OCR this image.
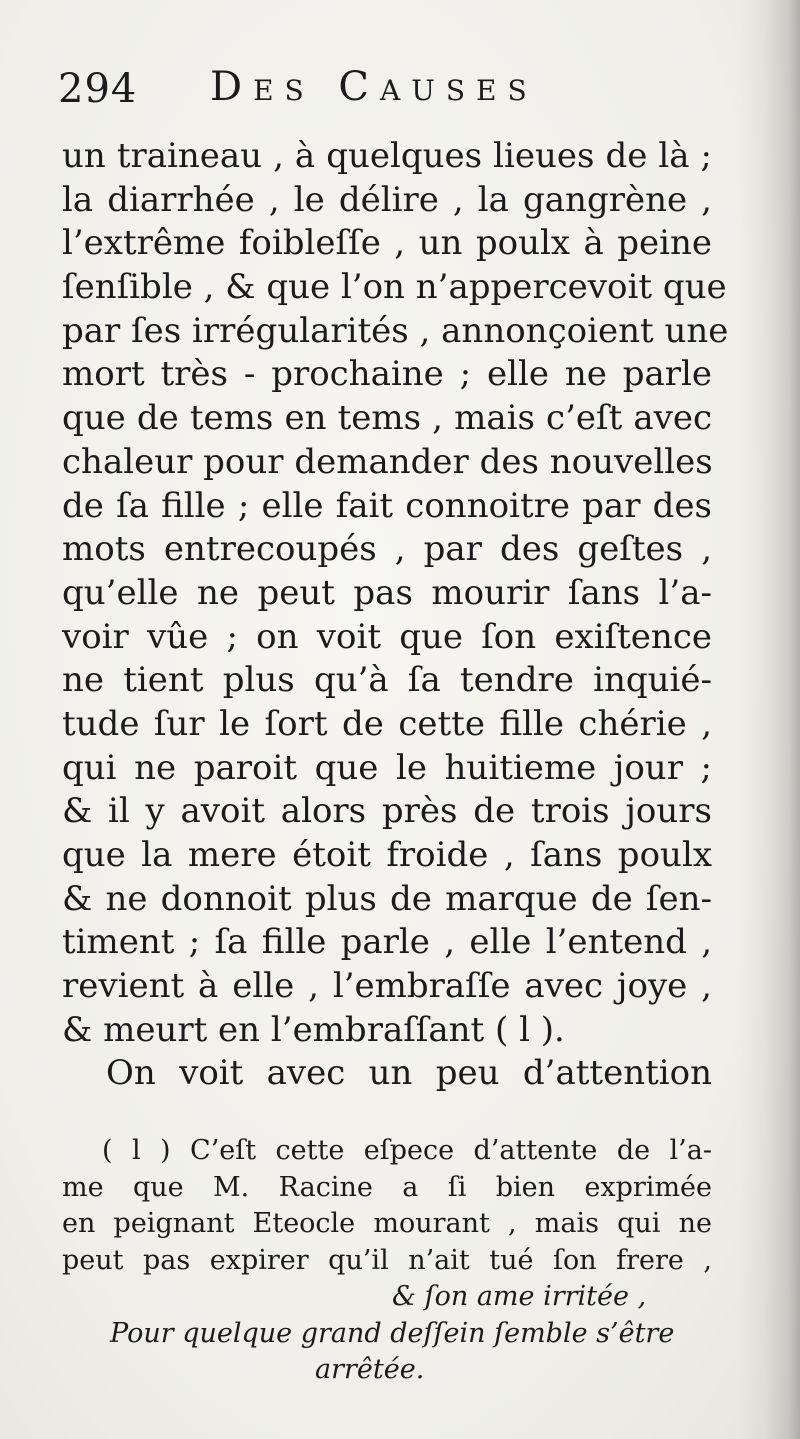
294 Des Causes
un traineau , à quelques lieues de là ;
la diarrhée , le délire , la gangrène ,
l’extrême foibleſſe , un poulx à peine
ſenſible , & que l’on n’appercevoit que
par ſes irrégularités , annonçoient une
mort très - prochaine ; elle ne parle
que de tems en tems , mais c’eſt avec
chaleur pour demander des nouvelles
de ſa fille ; elle fait connoitre par des
mots entrecoupés , par des geſtes ,
qu’elle ne peut pas mourir ſans l’a-
voir vûe ; on voit que ſon exiſtence
ne tient plus qu’à ſa tendre inquié-
tude ſur le ſort de cette fille chérie ,
qui ne paroit que le huitieme jour ;
& il y avoit alors près de trois jours
que la mere étoit froide , ſans poulx
& ne donnoit plus de marque de ſen-
timent ; ſa fille parle , elle l’entend ,
revient à elle , l’embraſſe avec joye ,
& meurt en l’embraſſant ( l ).
On voit avec un peu d’attention
( l ) C’eſt cette eſpece d’attente de l’a-
me que M. Racine a ſi bien exprimée
en peignant Eteocle mourant , mais qui ne
peut pas expirer qu’il n’ait tué ſon frere ,
& ſon ame irritée ,
Pour quelque grand deſſein ſemble s’être
arrêtée.
